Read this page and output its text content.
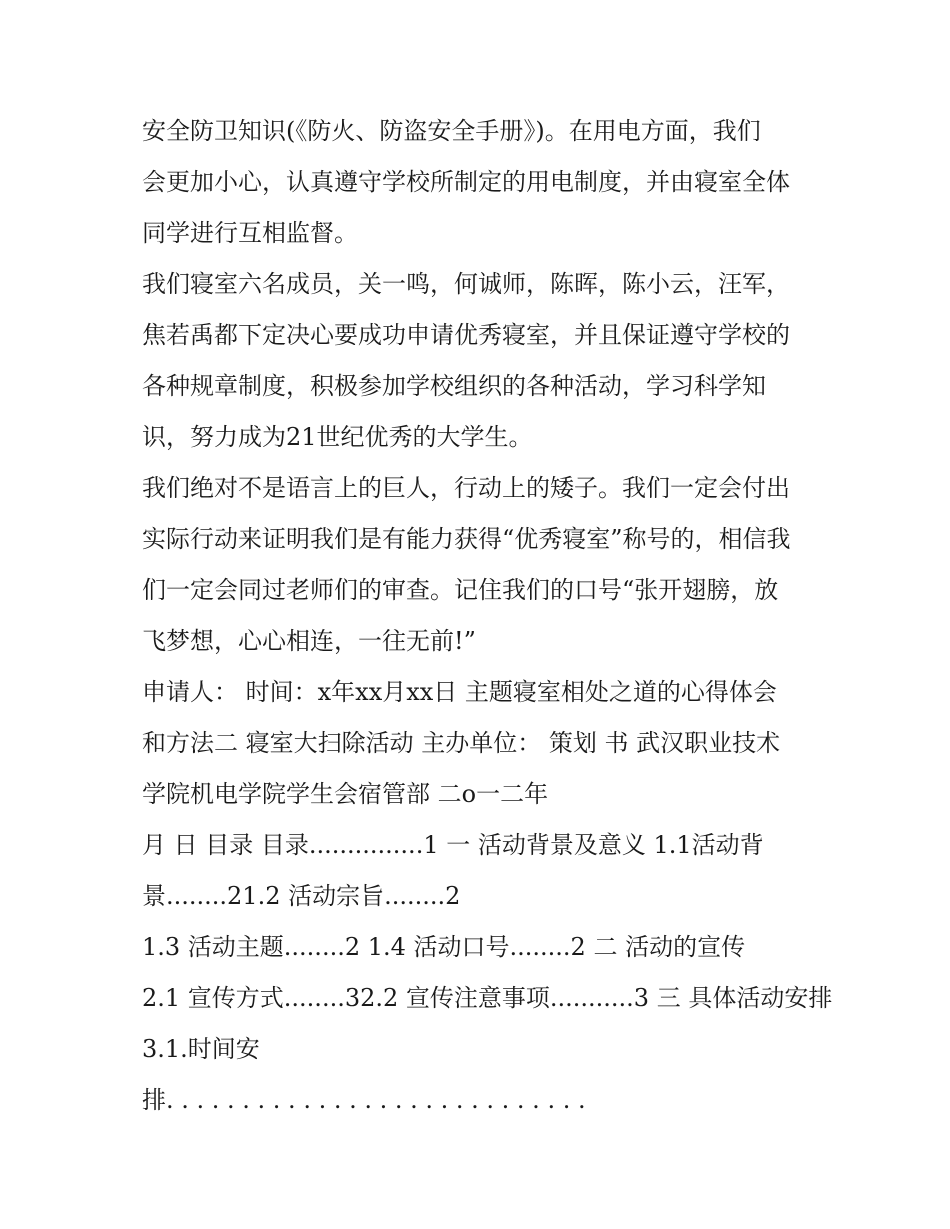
安全防卫知识(《防火、防盗安全手册》)。在用电方面，我们
会更加小心，认真遵守学校所制定的用电制度，并由寝室全体
同学进行互相监督。

我们寝室六名成员，关一鸣，何诚师，陈晖，陈小云，汪军，
焦若禹都下定决心要成功申请优秀寝室，并且保证遵守学校的
各种规章制度，积极参加学校组织的各种活动，学习科学知
识，努力成为21世纪优秀的大学生。

我们绝对不是语言上的巨人，行动上的矮子。我们一定会付出
实际行动来证明我们是有能力获得“优秀寝室”称号的，相信我
们一定会同过老师们的审查。记住我们的口号“张开翅膀，放
飞梦想，心心相连，一往无前!”

申请人： 时间：x年xx月xx日 主题寝室相处之道的心得体会
和方法二 寝室大扫除活动 主办单位： 策划 书 武汉职业技术
学院机电学院学生会宿管部 二o一二年

月 日 目录 目录...............1 一 活动背景及意义 1.1活动背
景........21.2 活动宗旨........2
1.3 活动主题........2 1.4 活动口号........2 二 活动的宣传
2.1 宣传方式........32.2 宣传注意事项...........3 三 具体活动安排
3.1.时间安
排. . . . . . . . . . . . . . . . . . . . . . . . . . . .
